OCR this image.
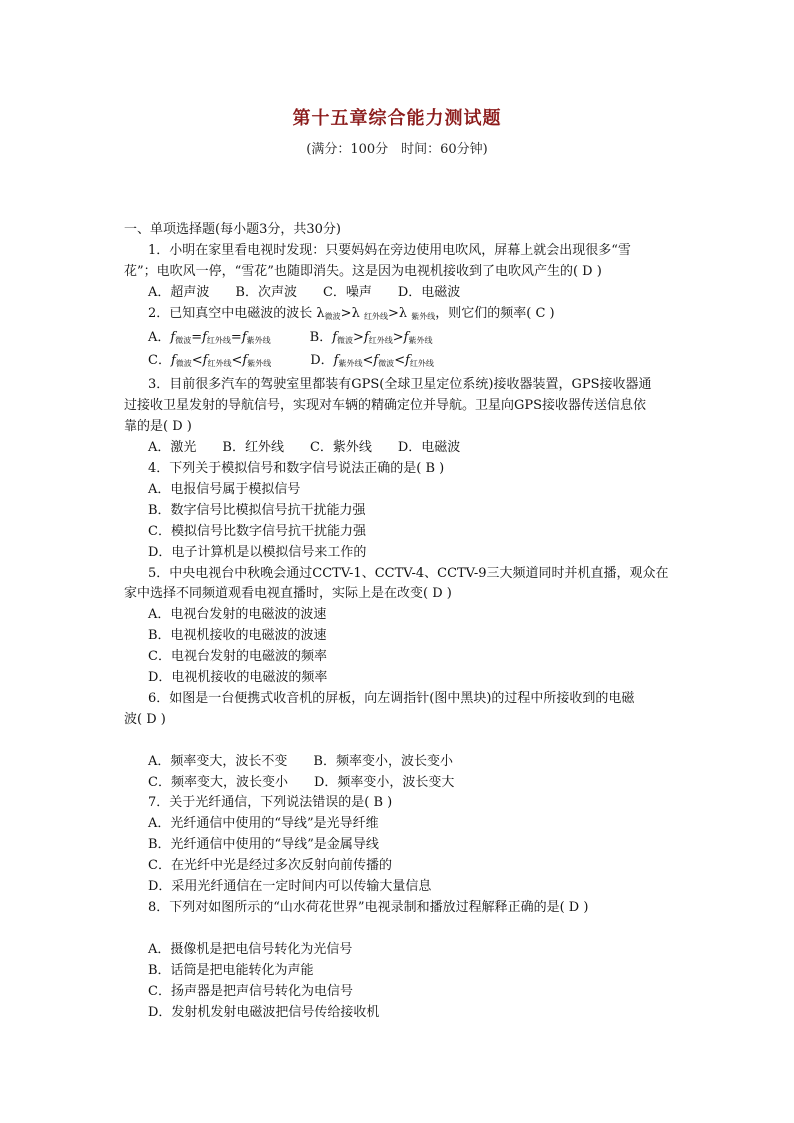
第十五章综合能力测试题
(满分：100分　时间：60分钟)
一、单项选择题(每小题3分，共30分)
1．小明在家里看电视时发现：只要妈妈在旁边使用电吹风，屏幕上就会出现很多“雪
花”；电吹风一停，“雪花”也随即消失。这是因为电视机接收到了电吹风产生的( D )
A．超声波　　B．次声波　　C．噪声　　D．电磁波
2．已知真空中电磁波的波长 $\lambda_{微波}>\lambda$ $_{红外线}$>λ $_{紫外线}$，则它们的频率( C )
A．$f_{微波}=f_{红外线}=f_{紫外线}$　　　	B．$f_{微波}>f_{红外线}>f_{紫外线}$
C．$f_{微波}<f_{红外线}<f_{紫外线}$　　　	D．$f_{紫外线}<f_{微波}<f_{红外线}$
3．目前很多汽车的驾驶室里都装有GPS(全球卫星定位系统)接收器装置，GPS接收器通
过接收卫星发射的导航信号，实现对车辆的精确定位并导航。卫星向GPS接收器传送信息依
靠的是( D )
A．激光　　B．红外线　　C．紫外线　　D．电磁波
4．下列关于模拟信号和数字信号说法正确的是( B )
A．电报信号属于模拟信号
B．数字信号比模拟信号抗干扰能力强
C．模拟信号比数字信号抗干扰能力强
D．电子计算机是以模拟信号来工作的
5．中央电视台中秋晚会通过CCTV-1、CCTV-4、CCTV-9三大频道同时并机直播，观众在
家中选择不同频道观看电视直播时，实际上是在改变( D )
A．电视台发射的电磁波的波速
B．电视机接收的电磁波的波速
C．电视台发射的电磁波的频率
D．电视机接收的电磁波的频率
6．如图是一台便携式收音机的屏板，向左调指针(图中黑块)的过程中所接收到的电磁
波( D )
A．频率变大，波长不变　　B．频率变小，波长变小
C．频率变大，波长变小　　D．频率变小，波长变大
7．关于光纤通信，下列说法错误的是( B )
A．光纤通信中使用的“导线”是光导纤维
B．光纤通信中使用的“导线”是金属导线
C．在光纤中光是经过多次反射向前传播的
D．采用光纤通信在一定时间内可以传输大量信息
8．下列对如图所示的“山水荷花世界”电视录制和播放过程解释正确的是( D )
A．摄像机是把电信号转化为光信号
B．话筒是把电能转化为声能
C．扬声器是把声信号转化为电信号
D．发射机发射电磁波把信号传给接收机
